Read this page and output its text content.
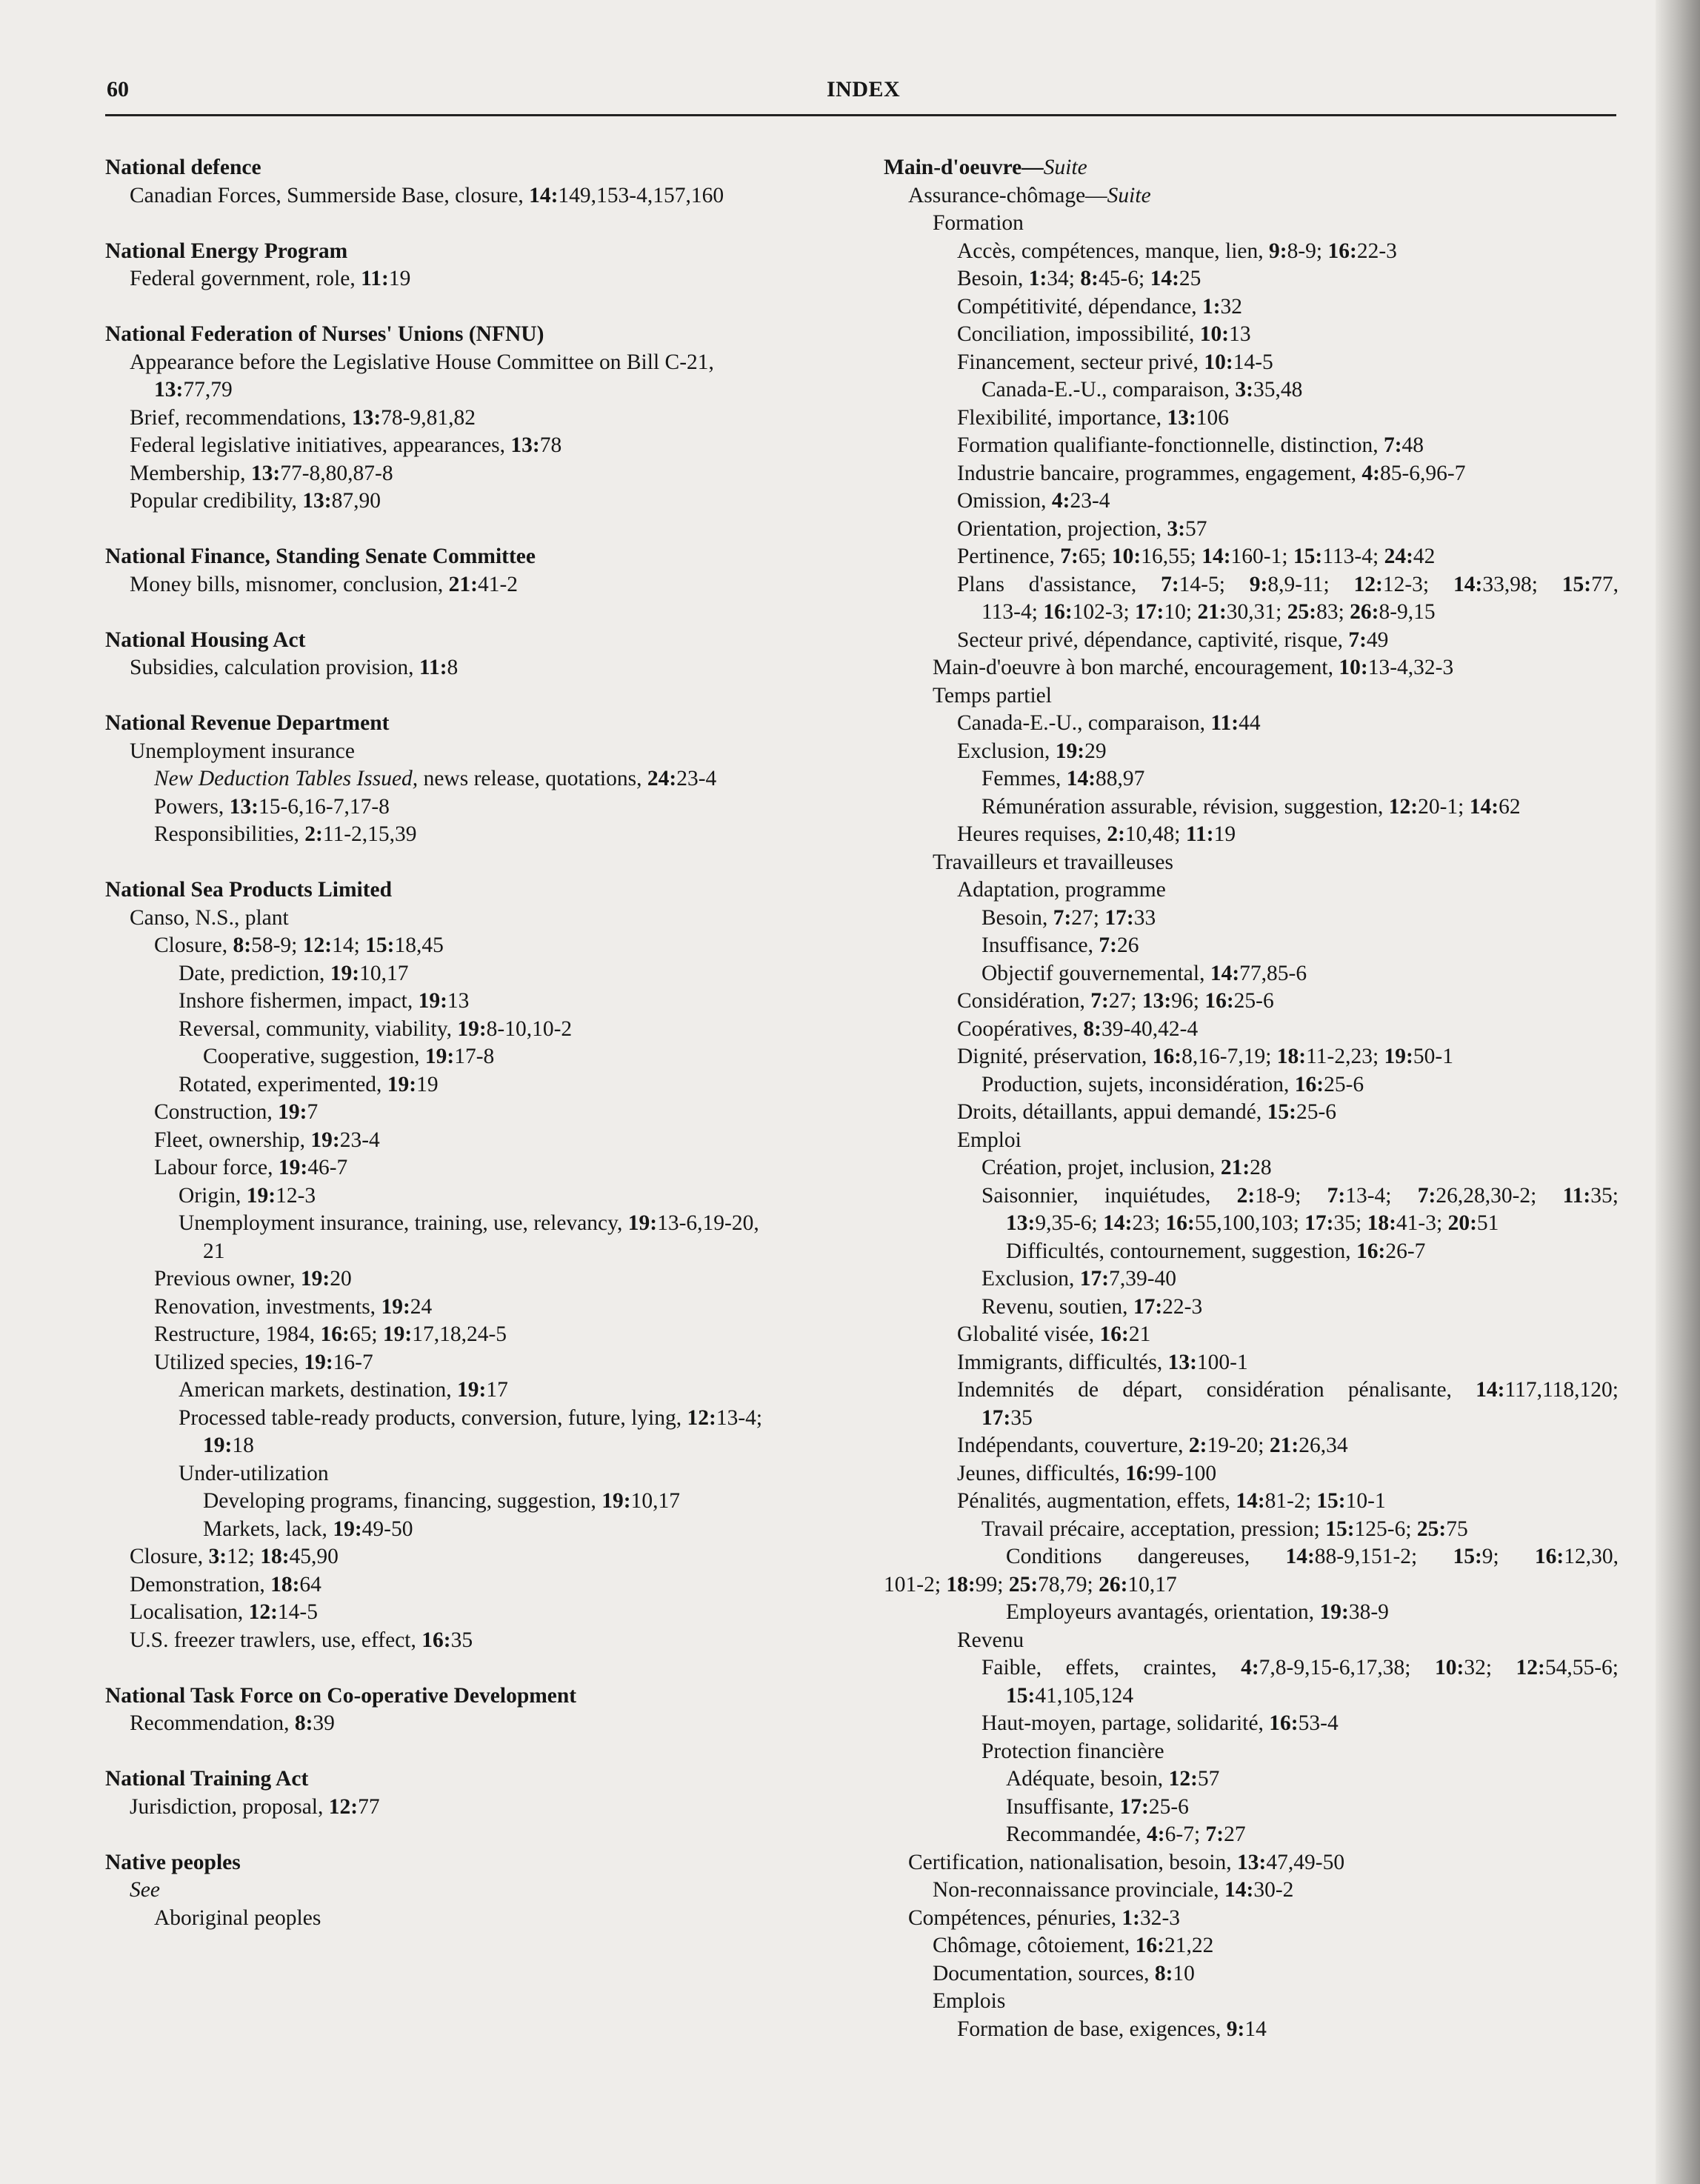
60	INDEX
National defence
Canadian Forces, Summerside Base, closure, 14:149,153-4,157,160
National Energy Program
Federal government, role, 11:19
National Federation of Nurses' Unions (NFNU)
Appearance before the Legislative House Committee on Bill C-21,
13:77,79
Brief, recommendations, 13:78-9,81,82
Federal legislative initiatives, appearances, 13:78
Membership, 13:77-8,80,87-8
Popular credibility, 13:87,90
National Finance, Standing Senate Committee
Money bills, misnomer, conclusion, 21:41-2
National Housing Act
Subsidies, calculation provision, 11:8
National Revenue Department
Unemployment insurance
New Deduction Tables Issued, news release, quotations, 24:23-4
Powers, 13:15-6,16-7,17-8
Responsibilities, 2:11-2,15,39
National Sea Products Limited
Canso, N.S., plant
Closure, 8:58-9; 12:14; 15:18,45
Date, prediction, 19:10,17
Inshore fishermen, impact, 19:13
Reversal, community, viability, 19:8-10,10-2
Cooperative, suggestion, 19:17-8
Rotated, experimented, 19:19
Construction, 19:7
Fleet, ownership, 19:23-4
Labour force, 19:46-7
Origin, 19:12-3
Unemployment insurance, training, use, relevancy, 19:13-6,19-20,
21
Previous owner, 19:20
Renovation, investments, 19:24
Restructure, 1984, 16:65; 19:17,18,24-5
Utilized species, 19:16-7
American markets, destination, 19:17
Processed table-ready products, conversion, future, lying, 12:13-4;
19:18
Under-utilization
Developing programs, financing, suggestion, 19:10,17
Markets, lack, 19:49-50
Closure, 3:12; 18:45,90
Demonstration, 18:64
Localisation, 12:14-5
U.S. freezer trawlers, use, effect, 16:35
National Task Force on Co-operative Development
Recommendation, 8:39
National Training Act
Jurisdiction, proposal, 12:77
Native peoples
See
Aboriginal peoples
Main-d'oeuvre—Suite
Assurance-chômage—Suite
Formation
Accès, compétences, manque, lien, 9:8-9; 16:22-3
Besoin, 1:34; 8:45-6; 14:25
Compétitivité, dépendance, 1:32
Conciliation, impossibilité, 10:13
Financement, secteur privé, 10:14-5
Canada-E.-U., comparaison, 3:35,48
Flexibilité, importance, 13:106
Formation qualifiante-fonctionnelle, distinction, 7:48
Industrie bancaire, programmes, engagement, 4:85-6,96-7
Omission, 4:23-4
Orientation, projection, 3:57
Pertinence, 7:65; 10:16,55; 14:160-1; 15:113-4; 24:42
Plans d'assistance, 7:14-5; 9:8,9-11; 12:12-3; 14:33,98; 15:77,
113-4; 16:102-3; 17:10; 21:30,31; 25:83; 26:8-9,15
Secteur privé, dépendance, captivité, risque, 7:49
Main-d'oeuvre à bon marché, encouragement, 10:13-4,32-3
Temps partiel
Canada-E.-U., comparaison, 11:44
Exclusion, 19:29
Femmes, 14:88,97
Rémunération assurable, révision, suggestion, 12:20-1; 14:62
Heures requises, 2:10,48; 11:19
Travailleurs et travailleuses
Adaptation, programme
Besoin, 7:27; 17:33
Insuffisance, 7:26
Objectif gouvernemental, 14:77,85-6
Considération, 7:27; 13:96; 16:25-6
Coopératives, 8:39-40,42-4
Dignité, préservation, 16:8,16-7,19; 18:11-2,23; 19:50-1
Production, sujets, inconsidération, 16:25-6
Droits, détaillants, appui demandé, 15:25-6
Emploi
Création, projet, inclusion, 21:28
Saisonnier, inquiétudes, 2:18-9; 7:13-4; 7:26,28,30-2; 11:35;
13:9,35-6; 14:23; 16:55,100,103; 17:35; 18:41-3; 20:51
Difficultés, contournement, suggestion, 16:26-7
Exclusion, 17:7,39-40
Revenu, soutien, 17:22-3
Globalité visée, 16:21
Immigrants, difficultés, 13:100-1
Indemnités de départ, considération pénalisante, 14:117,118,120;
17:35
Indépendants, couverture, 2:19-20; 21:26,34
Jeunes, difficultés, 16:99-100
Pénalités, augmentation, effets, 14:81-2; 15:10-1
Travail précaire, acceptation, pression; 15:125-6; 25:75
Conditions dangereuses, 14:88-9,151-2; 15:9; 16:12,30,
101-2; 18:99; 25:78,79; 26:10,17
Employeurs avantagés, orientation, 19:38-9
Revenu
Faible, effets, craintes, 4:7,8-9,15-6,17,38; 10:32; 12:54,55-6;
15:41,105,124
Haut-moyen, partage, solidarité, 16:53-4
Protection financière
Adéquate, besoin, 12:57
Insuffisante, 17:25-6
Recommandée, 4:6-7; 7:27
Certification, nationalisation, besoin, 13:47,49-50
Non-reconnaissance provinciale, 14:30-2
Compétences, pénuries, 1:32-3
Chômage, côtoiement, 16:21,22
Documentation, sources, 8:10
Emplois
Formation de base, exigences, 9:14
